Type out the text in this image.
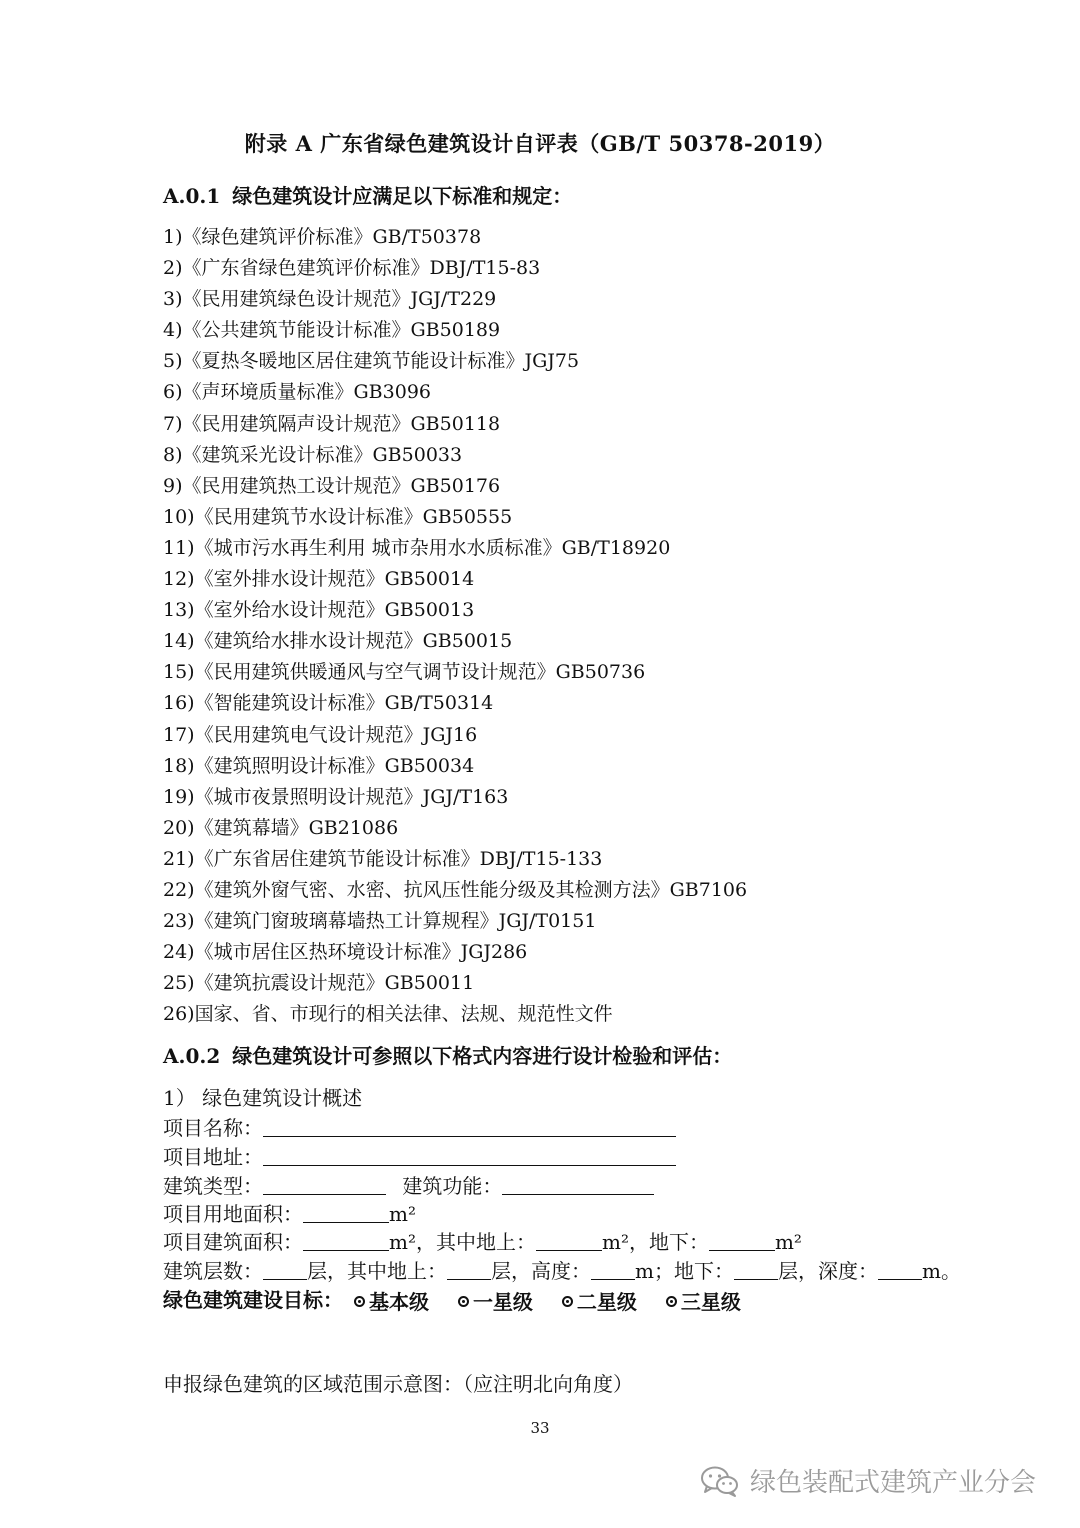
附录 A 广东省绿色建筑设计自评表（GB/T 50378-2019）
A.0.1 绿色建筑设计应满足以下标准和规定：
1)《绿色建筑评价标准》GB/T50378
2)《广东省绿色建筑评价标准》DBJ/T15-83
3)《民用建筑绿色设计规范》JGJ/T229
4)《公共建筑节能设计标准》GB50189
5)《夏热冬暖地区居住建筑节能设计标准》JGJ75
6)《声环境质量标准》GB3096
7)《民用建筑隔声设计规范》GB50118
8)《建筑采光设计标准》GB50033
9)《民用建筑热工设计规范》GB50176
10)《民用建筑节水设计标准》GB50555
11)《城市污水再生利用 城市杂用水水质标准》GB/T18920
12)《室外排水设计规范》GB50014
13)《室外给水设计规范》GB50013
14)《建筑给水排水设计规范》GB50015
15)《民用建筑供暖通风与空气调节设计规范》GB50736
16)《智能建筑设计标准》GB/T50314
17)《民用建筑电气设计规范》JGJ16
18)《建筑照明设计标准》GB50034
19)《城市夜景照明设计规范》JGJ/T163
20)《建筑幕墙》GB21086
21)《广东省居住建筑节能设计标准》DBJ/T15-133
22)《建筑外窗气密、水密、抗风压性能分级及其检测方法》GB7106
23)《建筑门窗玻璃幕墙热工计算规程》JGJ/T0151
24)《城市居住区热环境设计标准》JGJ286
25)《建筑抗震设计规范》GB50011
26)国家、省、市现行的相关法律、法规、规范性文件
A.0.2 绿色建筑设计可参照以下格式内容进行设计检验和评估：
1） 绿色建筑设计概述
项目名称：
项目地址：
建筑类型：	建筑功能：
项目用地面积：	m²
项目建筑面积：	m²，其中地上：	m²，地下：	m²
建筑层数： 层，其中地上： 层，高度： m；地下： 层，深度： m。
绿色建筑建设目标： 基本级
一星级
二星级
三星级
申报绿色建筑的区域范围示意图：（应注明北向角度）
33
绿色装配式建筑产业分会
